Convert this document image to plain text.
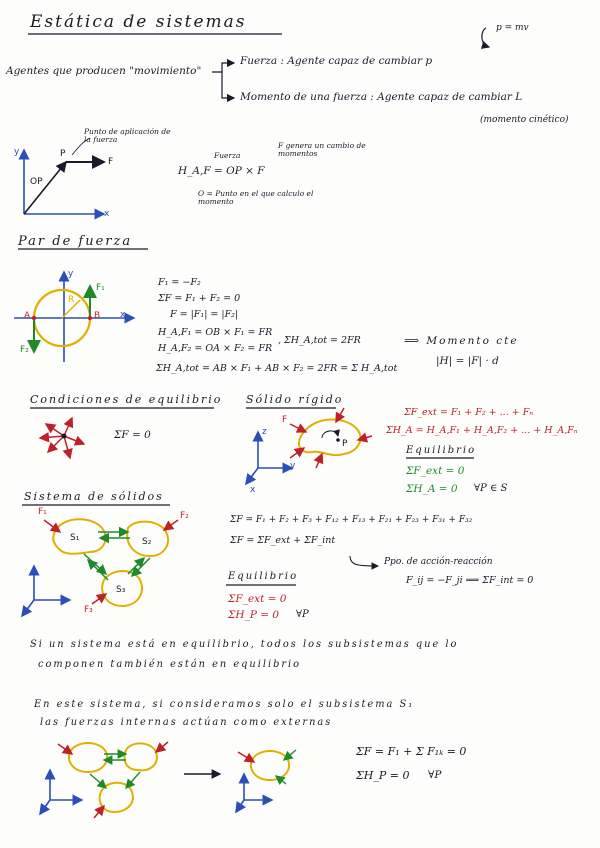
Estática de sistemas	p = mv
Agentes que producen "movimiento"
Fuerza : Agente capaz de cambiar p
Momento de una fuerza : Agente capaz de cambiar L
(momento cinético)
y
x
P
OP
F
Punto de aplicación de la fuerza
H_A,F = OP × F
Fuerza
F genera un cambio de momentos
O = Punto en el que calculo el momento
Par de fuerza
x
y
A	B
R
F₁
F₂
F₁ = −F₂
ΣF = F₁ + F₂ = 0
F = |F₁| = |F₂|
H_A,F₁ = OB × F₁ = FR
H_A,F₂ = OA × F₂ = FR
, ΣH_A,tot = 2FR
ΣH_A,tot = AB × F₁ + AB × F₂ = 2FR = Σ H_A,tot
⟹ Momento cte
|H| = |F| · d
Condiciones de equilibrio
ΣF = 0
Sólido rígido
z
y
x
F
P
ΣF_ext = F₁ + F₂ + ... + Fₙ
ΣH_A = H_A,F₁ + H_A,F₂ + ... + H_A,Fₙ
Equilibrio
ΣF_ext = 0
ΣH_A = 0 ∀P ∈ S
Sistema de sólidos
S₁	S₂
S₃
F₁	F₂
F₃
ΣF = F₁ + F₂ + F₃ + F₁₂ + F₁₃ + F₂₁ + F₂₃ + F₃₁ + F₃₂
ΣF = ΣF_ext + ΣF_int
Ppo. de acción-reacción
F_ij = −F_ji ⟹ ΣF_int = 0
Equilibrio
ΣF_ext = 0
ΣH_P = 0 ∀P
Si un sistema está en equilibrio, todos los subsistemas que lo
componen también están en equilibrio
En este sistema, si consideramos solo el subsistema S₁
las fuerzas internas actúan como externas
ΣF = F₁ + Σ F₁ₖ = 0
ΣH_P = 0 ∀P
